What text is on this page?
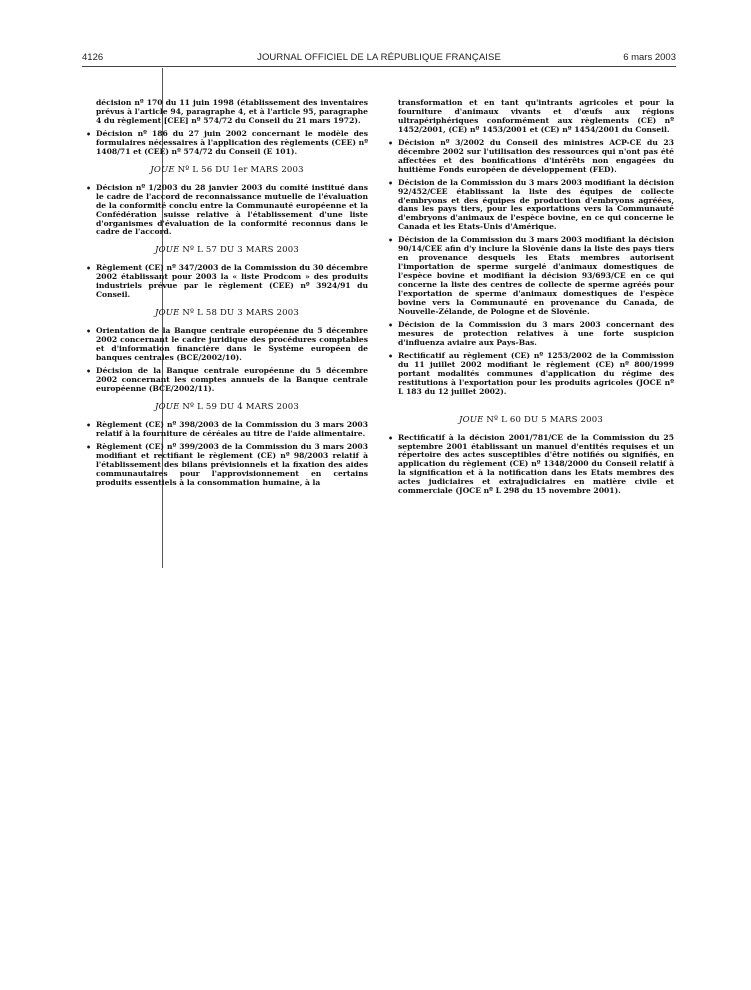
4126	JOURNAL OFFICIEL DE LA RÉPUBLIQUE FRANÇAISE	6 mars 2003

décision nº 170 du 11 juin 1998 (établissement des inventaires prévus à l'article 94, paragraphe 4, et à l'article 95, paragraphe 4 du règlement [CEE] nº 574/72 du Conseil du 21 mars 1972).

• Décision nº 186 du 27 juin 2002 concernant le modèle des formulaires nécessaires à l'application des règlements (CEE) nº 1408/71 et (CEE) nº 574/72 du Conseil (E 101).

JOUE Nº L 56 DU 1er MARS 2003

• Décision nº 1/2003 du 28 janvier 2003 du comité institué dans le cadre de l'accord de reconnaissance mutuelle de l'évaluation de la conformité conclu entre la Communauté européenne et la Confédération suisse relative à l'établissement d'une liste d'organismes d'évaluation de la conformité reconnus dans le cadre de l'accord.

JOUE Nº L 57 DU 3 MARS 2003

• Règlement (CE) nº 347/2003 de la Commission du 30 décembre 2002 établissant pour 2003 la « liste Prodcom » des produits industriels prévue par le règlement (CEE) nº 3924/91 du Conseil.

JOUE Nº L 58 DU 3 MARS 2003

• Orientation de la Banque centrale européenne du 5 décembre 2002 concernant le cadre juridique des procédures comptables et d'information financière dans le Système européen de banques centrales (BCE/2002/10).

• Décision de la Banque centrale européenne du 5 décembre 2002 concernant les comptes annuels de la Banque centrale européenne (BCE/2002/11).

JOUE Nº L 59 DU 4 MARS 2003

• Règlement (CE) nº 398/2003 de la Commission du 3 mars 2003 relatif à la fourniture de céréales au titre de l'aide alimentaire.

• Règlement (CE) nº 399/2003 de la Commission du 3 mars 2003 modifiant et rectifiant le règlement (CE) nº 98/2003 relatif à l'établissement des bilans prévisionnels et la fixation des aides communautaires pour l'approvisionnement en certains produits essentiels à la consommation humaine, à la

transformation et en tant qu'intrants agricoles et pour la fourniture d'animaux vivants et d'œufs aux régions ultrapériphériques conformément aux règlements (CE) nº 1452/2001, (CE) nº 1453/2001 et (CE) nº 1454/2001 du Conseil.

• Décision nº 3/2002 du Conseil des ministres ACP-CE du 23 décembre 2002 sur l'utilisation des ressources qui n'ont pas été affectées et des bonifications d'intérêts non engagées du huitième Fonds européen de développement (FED).

• Décision de la Commission du 3 mars 2003 modifiant la décision 92/452/CEE établissant la liste des équipes de collecte d'embryons et des équipes de production d'embryons agréées, dans les pays tiers, pour les exportations vers la Communauté d'embryons d'animaux de l'espèce bovine, en ce qui concerne le Canada et les Etats-Unis d'Amérique.

• Décision de la Commission du 3 mars 2003 modifiant la décision 90/14/CEE afin d'y inclure la Slovénie dans la liste des pays tiers en provenance desquels les Etats membres autorisent l'importation de sperme surgelé d'animaux domestiques de l'espèce bovine et modifiant la décision 93/693/CE en ce qui concerne la liste des centres de collecte de sperme agréés pour l'exportation de sperme d'animaux domestiques de l'espèce bovine vers la Communauté en provenance du Canada, de Nouvelle-Zélande, de Pologne et de Slovénie.

• Décision de la Commission du 3 mars 2003 concernant des mesures de protection relatives à une forte suspicion d'influenza aviaire aux Pays-Bas.

• Rectificatif au règlement (CE) nº 1253/2002 de la Commission du 11 juillet 2002 modifiant le règlement (CE) nº 800/1999 portant modalités communes d'application du régime des restitutions à l'exportation pour les produits agricoles (JOCE nº L 183 du 12 juillet 2002).

JOUE Nº L 60 DU 5 MARS 2003

• Rectificatif à la décision 2001/781/CE de la Commission du 25 septembre 2001 établissant un manuel d'entités requises et un répertoire des actes susceptibles d'être notifiés ou signifiés, en application du règlement (CE) nº 1348/2000 du Conseil relatif à la signification et à la notification dans les Etats membres des actes judiciaires et extrajudiciaires en matière civile et commerciale (JOCE nº L 298 du 15 novembre 2001).
